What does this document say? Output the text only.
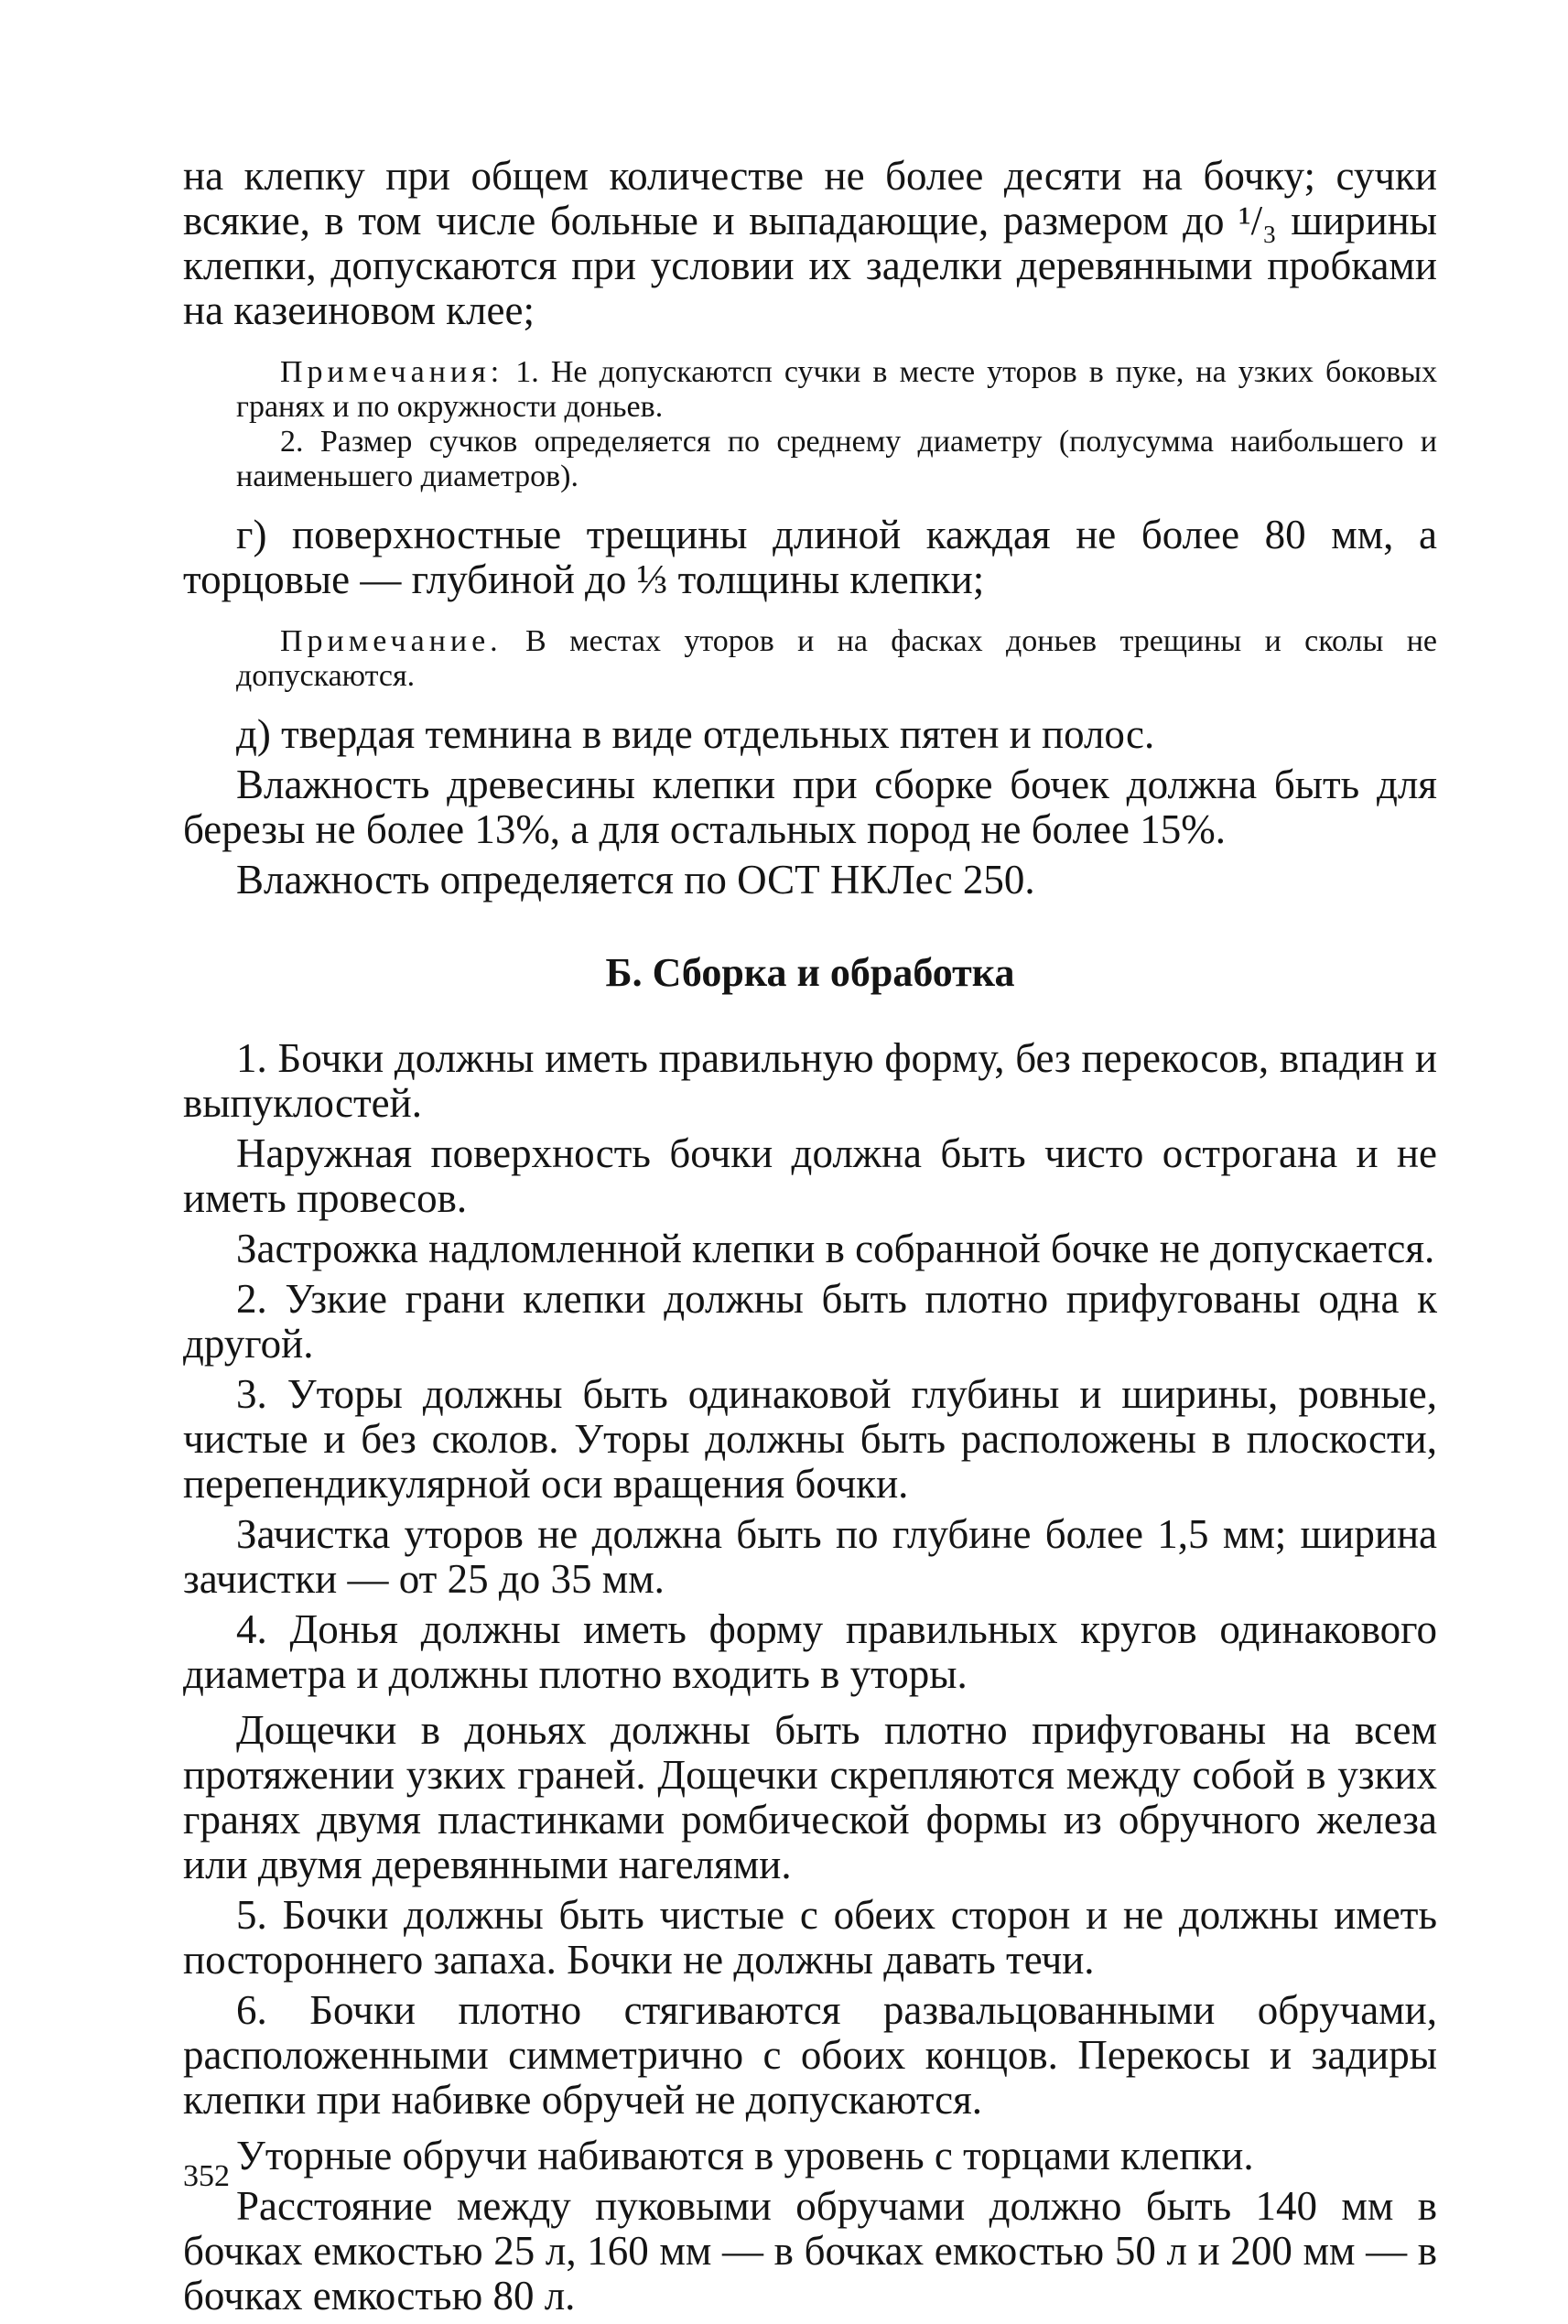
на клепку при общем количестве не более десяти на бочку; сучки всякие, в том числе больные и выпадающие, размером до ¹/₃ ширины клепки, допускаются при условии их заделки деревянными пробками на казеиновом клее;

Примечания: 1. Не допускаютсп сучки в месте уторов в пуке, на узких боковых гранях и по окружности доньев.

2. Размер сучков определяется по среднему диаметру (полусумма наибольшего и наименьшего диаметров).

г) поверхностные трещины длиной каждая не более 80 мм, а торцовые — глубиной до ⅓ толщины клепки;

Примечание. В местах уторов и на фасках доньев трещины и сколы не допускаются.

д) твердая темнина в виде отдельных пятен и полос.

Влажность древесины клепки при сборке бочек должна быть для березы не более 13%, а для остальных пород не более 15%.

Влажность определяется по ОСТ НКЛес 250.

Б. Сборка и обработка

1. Бочки должны иметь правильную форму, без перекосов, впадин и выпуклостей.

Наружная поверхность бочки должна быть чисто острогана и не иметь провесов.

Застрожка надломленной клепки в собранной бочке не допускается.

2. Узкие грани клепки должны быть плотно прифугованы одна к другой.

3. Уторы должны быть одинаковой глубины и ширины, ровные, чистые и без сколов. Уторы должны быть расположены в плоскости, перепендикулярной оси вращения бочки.

Зачистка уторов не должна быть по глубине более 1,5 мм; ширина зачистки — от 25 до 35 мм.

4. Донья должны иметь форму правильных кругов одинакового диаметра и должны плотно входить в уторы.

Дощечки в доньях должны быть плотно прифугованы на всем протяжении узких граней. Дощечки скрепляются между собой в узких гранях двумя пластинками ромбической формы из обручного железа или двумя деревянными нагелями.

5. Бочки должны быть чистые с обеих сторон и не должны иметь постороннего запаха. Бочки не должны давать течи.

6. Бочки плотно стягиваются развальцованными обручами, расположенными симметрично с обоих концов. Перекосы и задиры клепки при набивке обручей не допускаются.

Уторные обручи набиваются в уровень с торцами клепки.

Расстояние между пуковыми обручами должно быть 140 мм в бочках емкостью 25 л, 160 мм — в бочках емкостью 50 л и 200 мм — в бочках емкостью 80 л.

352
